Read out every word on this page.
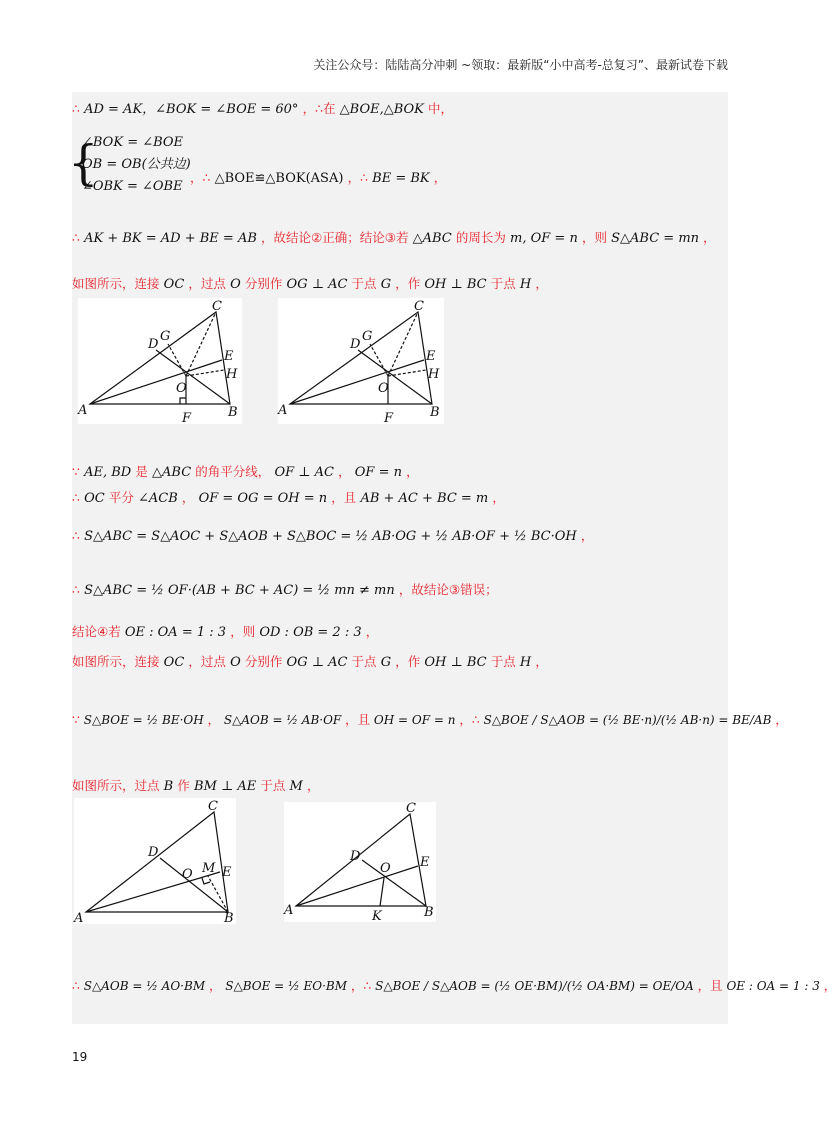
关注公众号：陆陆高分冲刺 ~领取：最新版“小中高考-总复习”、最新试卷下载
∴ AD = AK，∠BOK = ∠BOE = 60° ，∴在 △BOE,△BOK 中，
{
∠BOK = ∠BOE
OB = OB(公共边)
∠OBK = ∠OBE
，∴ △BOE≌△BOK(ASA) ，∴ BE = BK ，
∴ AK + BK = AD + BE = AB ，故结论②正确；结论③若 △ABC 的周长为 m, OF = n ，则 S△ABC = mn ，
如图所示，连接 OC ，过点 O 分别作 OG ⊥ AC 于点 G ，作 OH ⊥ BC 于点 H ，
A	B
C
D
E
F
G
H
O
A	B
C
D
E
F
G
H
O
∵ AE, BD 是 △ABC 的角平分线， OF ⊥ AC ， OF = n ，
∴ OC 平分 ∠ACB ， OF = OG = OH = n ，且 AB + AC + BC = m ，
∴ S△ABC = S△AOC + S△AOB + S△BOC = ½ AB·OG + ½ AB·OF + ½ BC·OH ，
∴ S△ABC = ½ OF·(AB + BC + AC) = ½ mn ≠ mn ，故结论③错误；
结论④若 OE : OA = 1 : 3 ，则 OD : OB = 2 : 3 ，
如图所示，连接 OC ，过点 O 分别作 OG ⊥ AC 于点 G ，作 OH ⊥ BC 于点 H ，
∵ S△BOE = ½ BE·OH ， S△AOB = ½ AB·OF ，且 OH = OF = n ，∴ S△BOE / S△AOB = (½ BE·n)/(½ AB·n) = BE/AB ，
如图所示，过点 B 作 BM ⊥ AE 于点 M ，
A	B
C
D
E
O M
A	B
C
D	E
O
K
∴ S△AOB = ½ AO·BM ， S△BOE = ½ EO·BM ，∴ S△BOE / S△AOB = (½ OE·BM)/(½ OA·BM) = OE/OA ，且 OE : OA = 1 : 3 ，
19
